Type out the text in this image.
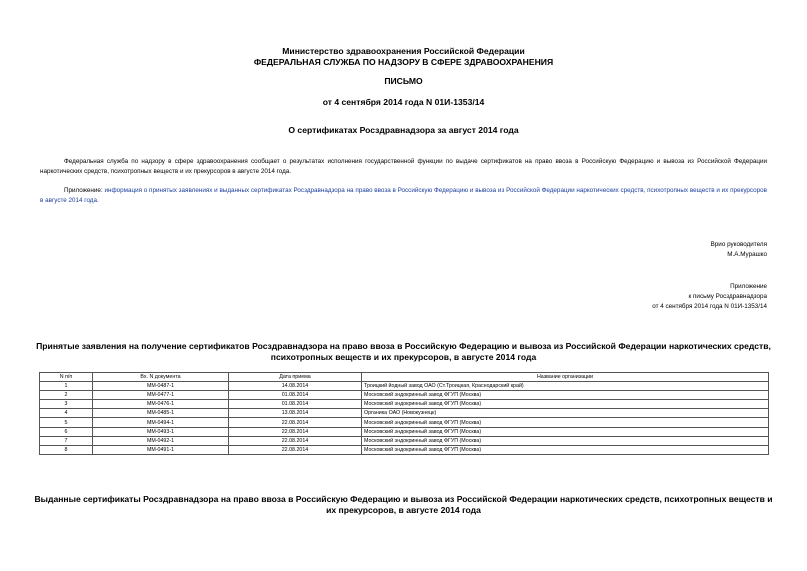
Министерство здравоохранения Российской Федерации
ФЕДЕРАЛЬНАЯ СЛУЖБА ПО НАДЗОРУ В СФЕРЕ ЗДРАВООХРАНЕНИЯ
ПИСЬМО
от 4 сентября 2014 года N 01И-1353/14
О сертификатах Росздравнадзора за август 2014 года
Федеральная служба по надзору в сфере здравоохранения сообщает о результатах исполнения государственной функции по выдаче сертификатов на право ввоза в Российскую Федерацию и вывоза из Российской Федерации наркотических средств, психотропных веществ и их прекурсоров в августе 2014 года.
Приложение: информация о принятых заявлениях и выданных сертификатах Росздравнадзора на право ввоза в Российскую Федерацию и вывоза из Российской Федерации наркотических средств, психотропных веществ и их прекурсоров в августе 2014 года.
Врио руководителя
М.А.Мурашко
Приложение
к письму Росздравнадзора
от 4 сентября 2014 года N 01И-1353/14
Принятые заявления на получение сертификатов Росздравнадзора на право ввоза в Российскую Федерацию и вывоза из Российской Федерации наркотических средств, психотропных веществ и их прекурсоров, в августе 2014 года
N п/п	Вх. N документа	Дата приема	Название организации
1	ММ-0487-1	14.08.2014	Троицкий йодный завод ОАО (Ст.Троицкая, Краснодарский край)
2	ММ-0477-1	01.08.2014	Московский эндокринный завод ФГУП (Москва)
3	ММ-0476-1	01.08.2014	Московский эндокринный завод ФГУП (Москва)
4	ММ-0485-1	13.08.2014	Органика ОАО (Новокузнецк)
5	ММ-0494-1	22.08.2014	Московский эндокринный завод ФГУП (Москва)
6	ММ-0493-1	22.08.2014	Московский эндокринный завод ФГУП (Москва)
7	ММ-0492-1	22.08.2014	Московский эндокринный завод ФГУП (Москва)
8	ММ-0491-1	22.08.2014	Московский эндокринный завод ФГУП (Москва)
Выданные сертификаты Росздравнадзора на право ввоза в Российскую Федерацию и вывоза из Российской Федерации наркотических средств, психотропных веществ и их прекурсоров, в августе 2014 года
